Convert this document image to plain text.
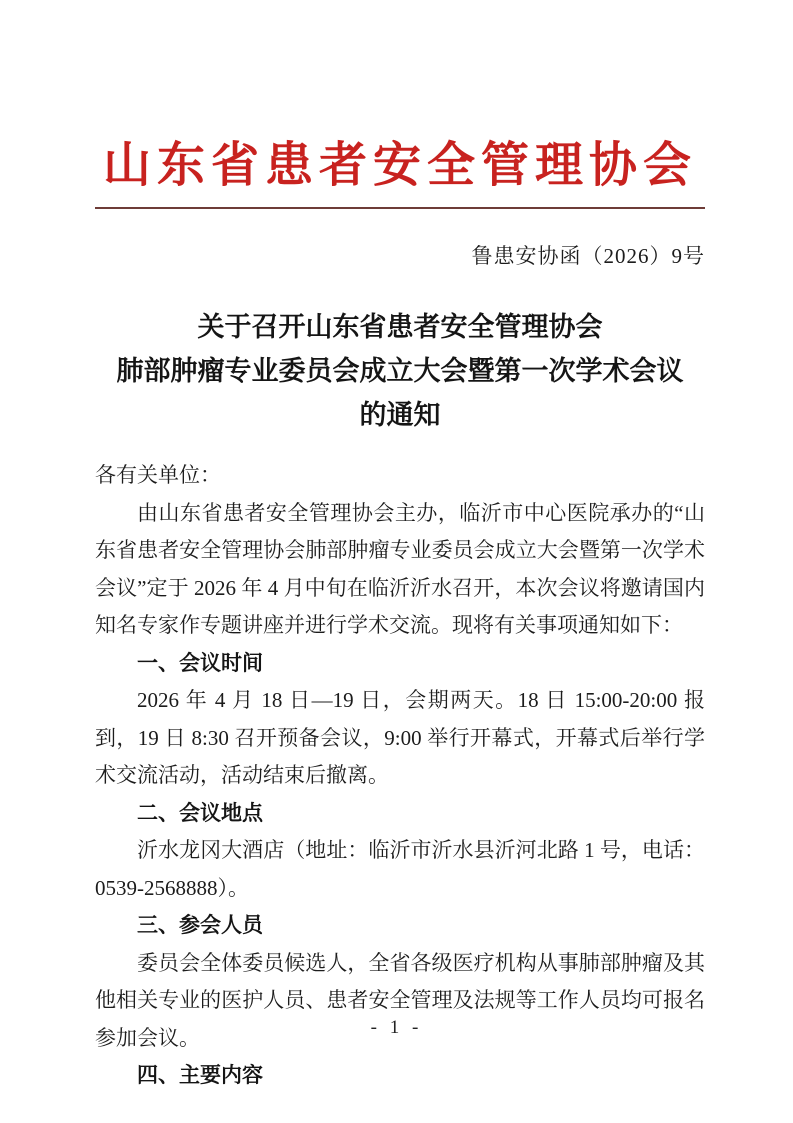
山东省患者安全管理协会
鲁患安协函（2026）9号
关于召开山东省患者安全管理协会
肺部肿瘤专业委员会成立大会暨第一次学术会议
的通知

各有关单位：

由山东省患者安全管理协会主办，临沂市中心医院承办的“山东省患者安全管理协会肺部肿瘤专业委员会成立大会暨第一次学术会议”定于 2026 年 4 月中旬在临沂沂水召开，本次会议将邀请国内知名专家作专题讲座并进行学术交流。现将有关事项通知如下：

一、会议时间

2026 年 4 月 18 日—19 日，会期两天。18 日 15:00-20:00 报到，19 日 8:30 召开预备会议，9:00 举行开幕式，开幕式后举行学术交流活动，活动结束后撤离。

二、会议地点

沂水龙冈大酒店（地址：临沂市沂水县沂河北路 1 号，电话：0539-2568888）。

三、参会人员

委员会全体委员候选人，全省各级医疗机构从事肺部肿瘤及其他相关专业的医护人员、患者安全管理及法规等工作人员均可报名参加会议。

四、主要内容

- 1 -
